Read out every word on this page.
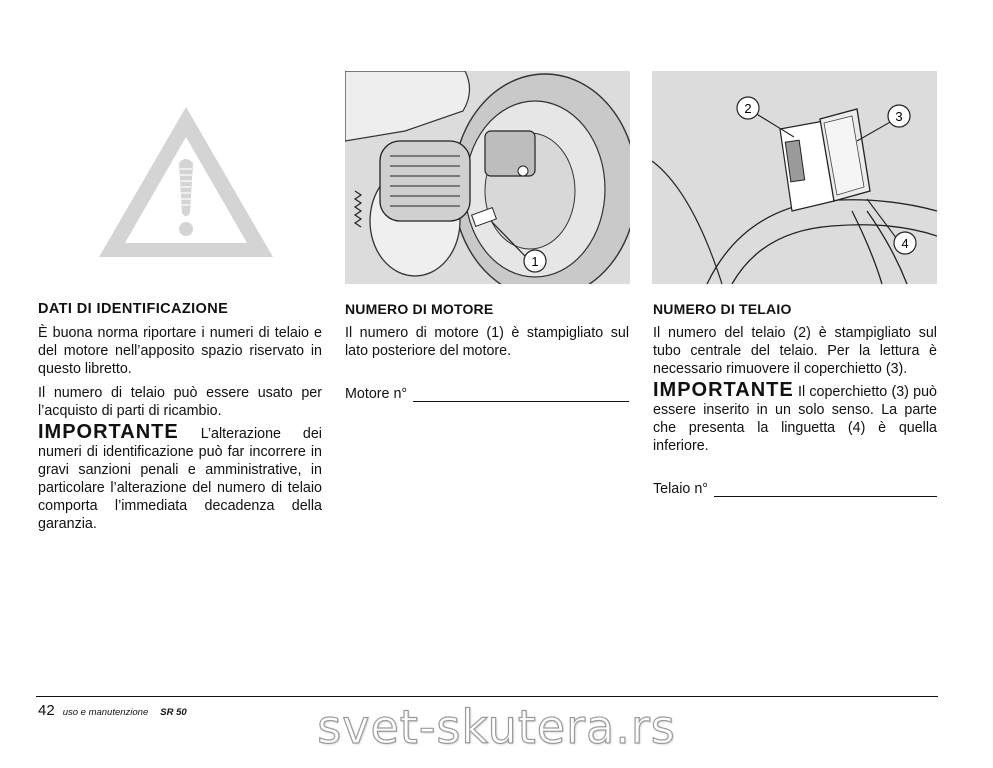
DATI DI IDENTIFICAZIONE

È buona norma riportare i numeri di telaio e del motore nell’apposito spazio riservato in questo libretto.

Il numero di telaio può essere usato per l’acquisto di parti di ricambio.

IMPORTANTE L’alterazione dei numeri di identificazione può far incorrere in gravi sanzioni penali e amministrative, in particolare l’alterazione del numero di telaio comporta l’immediata decadenza della garanzia.

1

NUMERO DI MOTORE

Il numero di motore (1) è stampigliato sul lato posteriore del motore.

Motore n°
2
3
4

NUMERO DI TELAIO

Il numero del telaio (2) è stampigliato sul tubo centrale del telaio. Per la lettura è necessario rimuovere il coperchietto (3).

IMPORTANTE Il coperchietto (3) può essere inserito in un solo senso. La parte che presenta la linguetta (4) è quella inferiore.

Telaio n°
42 uso e manutenzione SR 50	svet-skutera.rs
